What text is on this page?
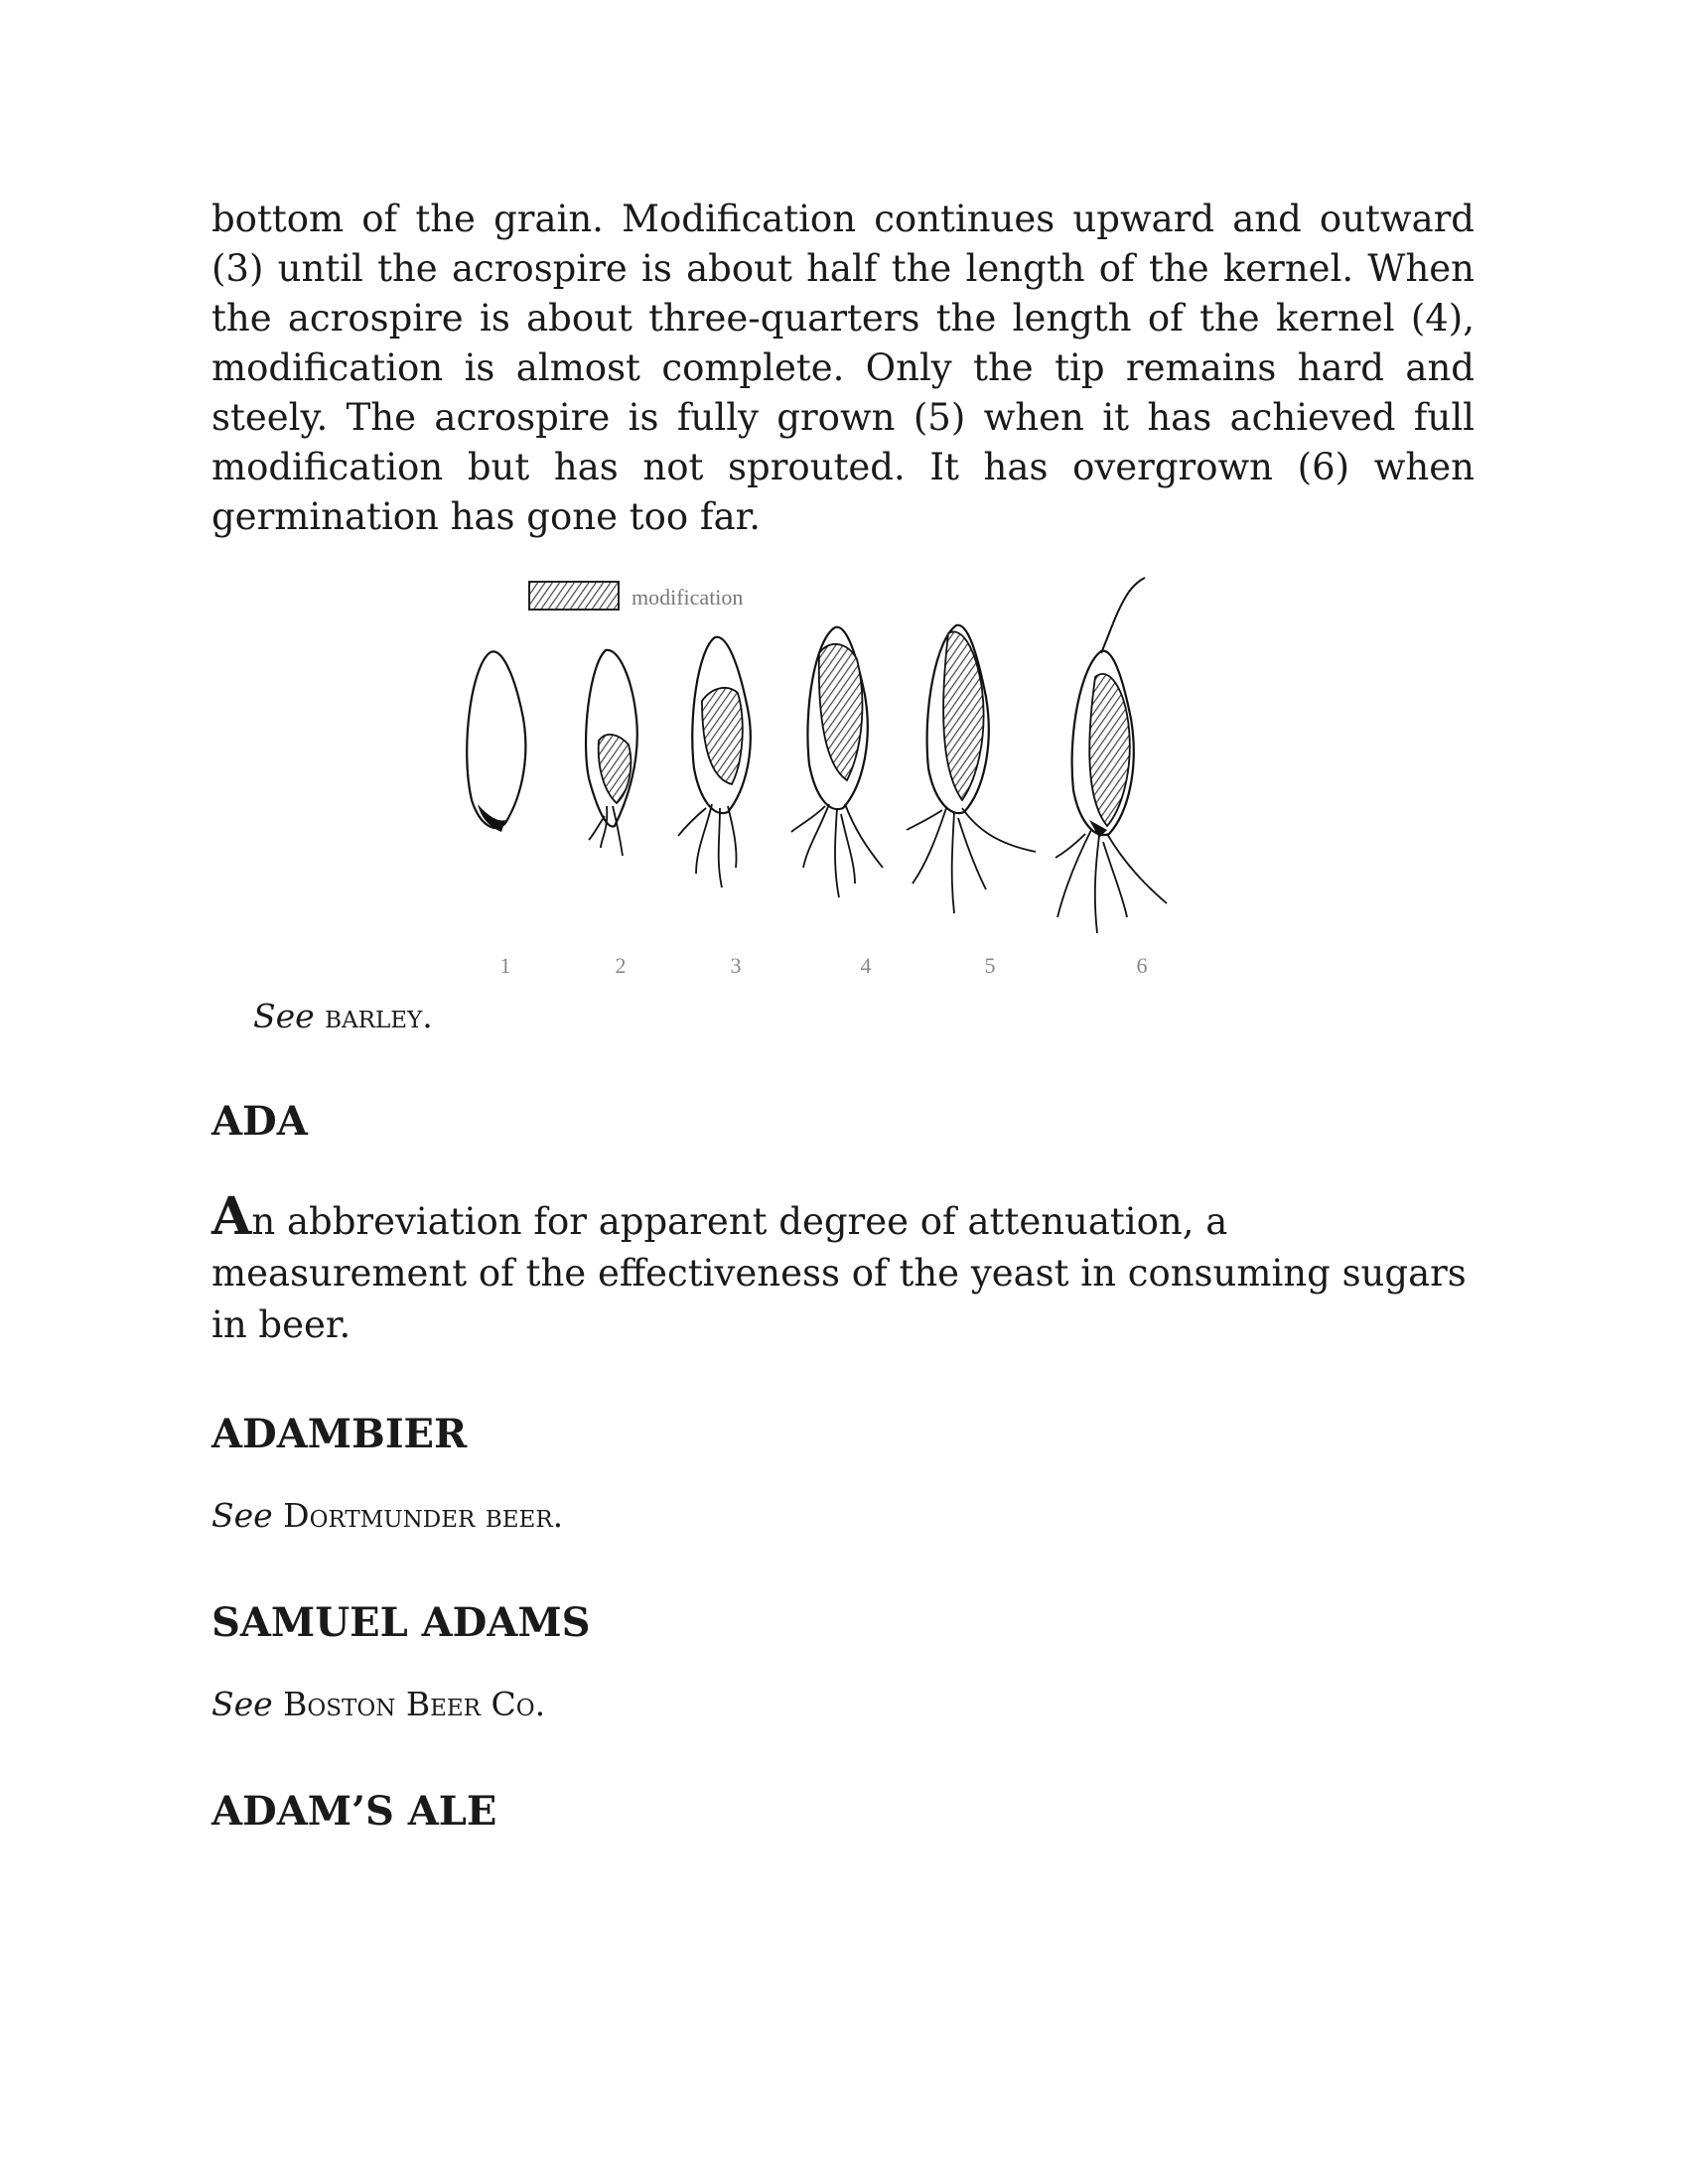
bottom of the grain. Modification continues upward and outward (3) until the acrospire is about half the length of the kernel. When the acrospire is about three-quarters the length of the kernel (4), modification is almost complete. Only the tip remains hard and steely. The acrospire is fully grown (5) when it has achieved full modification but has not sprouted. It has overgrown (6) when germination has gone too far.

modification
1	2	3	4	5	6

See barley.

ADA

An abbreviation for apparent degree of attenuation, a measurement of the effectiveness of the yeast in consuming sugars in beer.

ADAMBIER

See Dortmunder beer.

SAMUEL ADAMS

See Boston Beer Co.

ADAM’S ALE
